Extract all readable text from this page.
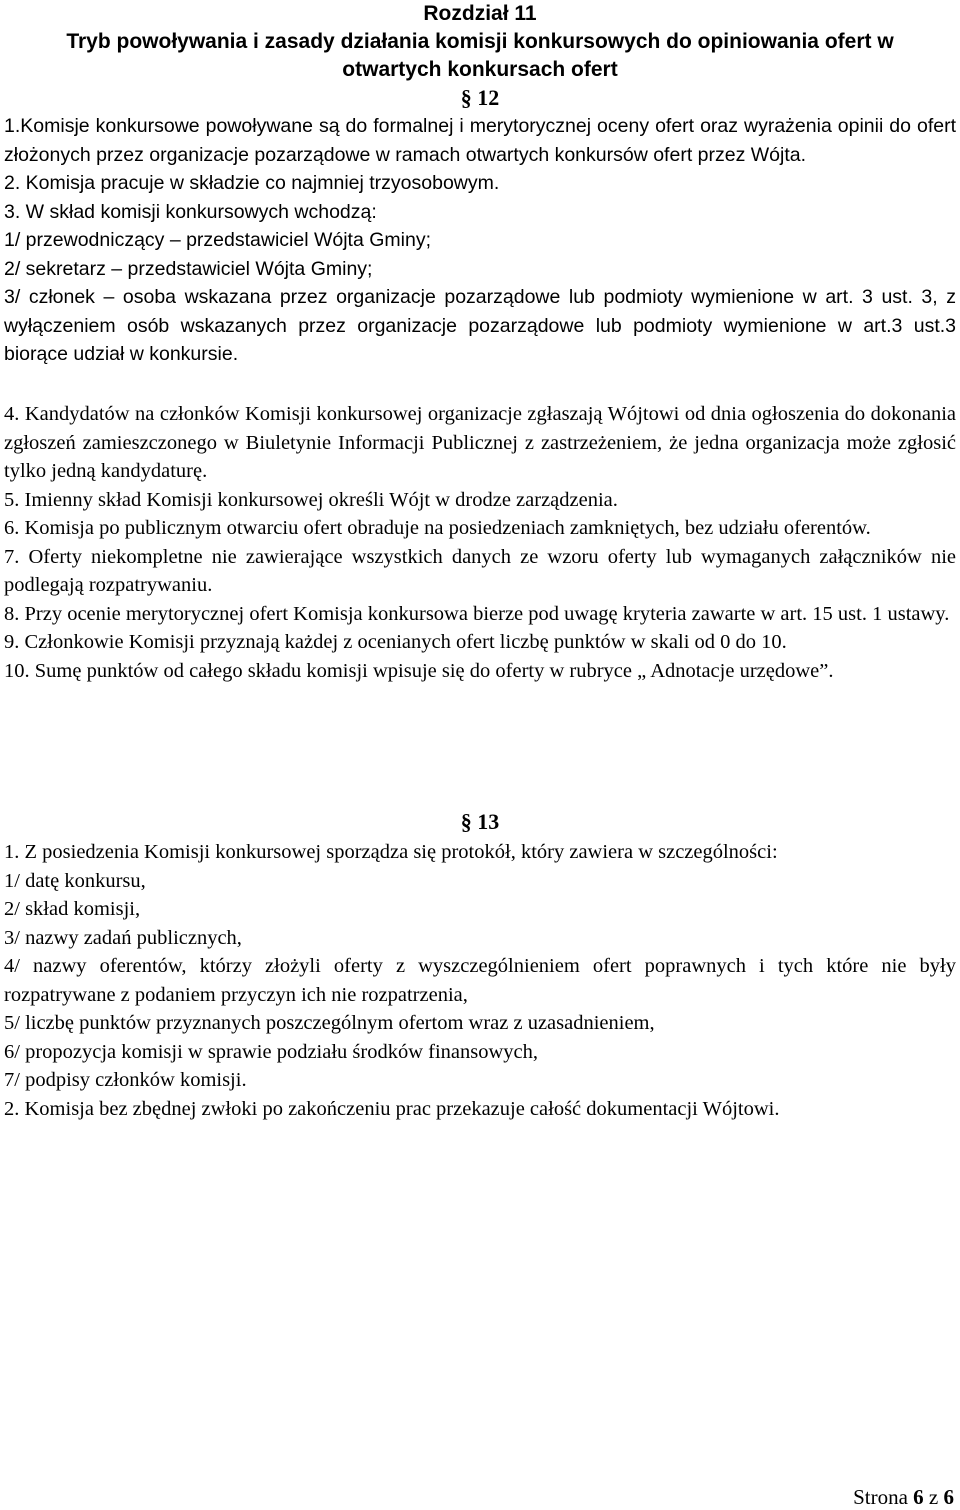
Rozdział 11

Tryb powoływania i zasady działania komisji konkursowych do opiniowania ofert w otwartych konkursach ofert

§ 12

1.Komisje konkursowe powoływane są do formalnej i merytorycznej oceny ofert oraz wyrażenia opinii do ofert złożonych przez organizacje pozarządowe w ramach otwartych konkursów ofert przez Wójta.

2. Komisja pracuje w składzie co najmniej trzyosobowym.

3. W skład komisji konkursowych wchodzą:

1/ przewodniczący – przedstawiciel Wójta Gminy;

2/ sekretarz – przedstawiciel Wójta Gminy;

3/ członek – osoba wskazana przez organizacje pozarządowe lub podmioty wymienione w art. 3 ust. 3, z wyłączeniem osób wskazanych przez organizacje pozarządowe lub podmioty wymienione w art.3 ust.3 biorące udział w konkursie.

4. Kandydatów na członków Komisji konkursowej organizacje zgłaszają Wójtowi od dnia ogłoszenia do dokonania zgłoszeń zamieszczonego w Biuletynie Informacji Publicznej z zastrzeżeniem, że jedna organizacja może zgłosić tylko jedną kandydaturę.

5. Imienny skład Komisji konkursowej określi Wójt w drodze zarządzenia.

6. Komisja po publicznym otwarciu ofert obraduje na posiedzeniach zamkniętych, bez udziału oferentów.

7. Oferty niekompletne nie zawierające wszystkich danych ze wzoru oferty lub wymaganych załączników nie podlegają rozpatrywaniu.

8. Przy ocenie merytorycznej ofert Komisja konkursowa bierze pod uwagę kryteria zawarte w art. 15 ust. 1 ustawy.

9. Członkowie Komisji przyznają każdej z ocenianych ofert liczbę punktów w skali od 0 do 10.

10. Sumę punktów od całego składu komisji wpisuje się do oferty w rubryce „ Adnotacje urzędowe”.

§ 13

1. Z posiedzenia Komisji konkursowej sporządza się protokół, który zawiera w szczególności:

1/ datę konkursu,

2/ skład komisji,

3/ nazwy zadań publicznych,

4/ nazwy oferentów, którzy złożyli oferty z wyszczególnieniem ofert poprawnych i tych które nie były rozpatrywane z podaniem przyczyn ich nie rozpatrzenia,

5/ liczbę punktów przyznanych poszczególnym ofertom wraz z uzasadnieniem,

6/ propozycja komisji w sprawie podziału środków finansowych,

7/ podpisy członków komisji.

2. Komisja bez zbędnej zwłoki po zakończeniu prac przekazuje całość dokumentacji Wójtowi.

Strona 6 z 6
